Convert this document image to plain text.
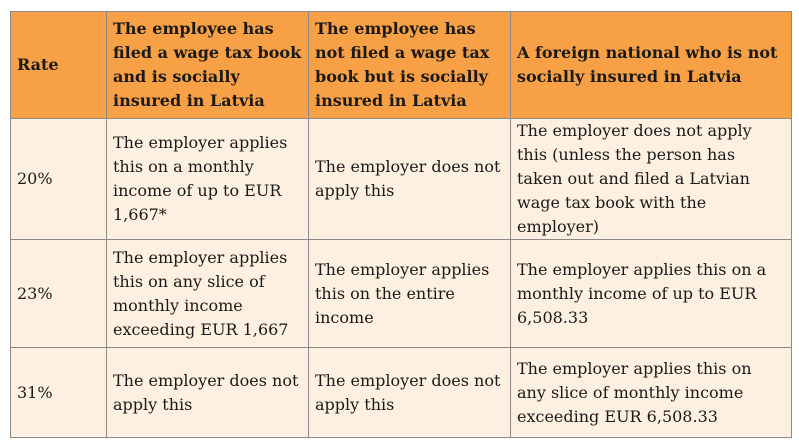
Rate	The employee has filed a wage tax book and is socially insured in Latvia	The employee has not filed a wage tax book but is socially insured in Latvia	A foreign national who is not socially insured in Latvia
20%	The employer applies this on a monthly income of up to EUR 1,667*	The employer does not apply this	The employer does not apply this (unless the person has taken out and filed a Latvian wage tax book with the employer)
23%	The employer applies this on any slice of monthly income exceeding EUR 1,667	The employer applies this on the entire income	The employer applies this on a monthly income of up to EUR 6,508.33
31%	The employer does not apply this	The employer does not apply this	The employer applies this on any slice of monthly income exceeding EUR 6,508.33
